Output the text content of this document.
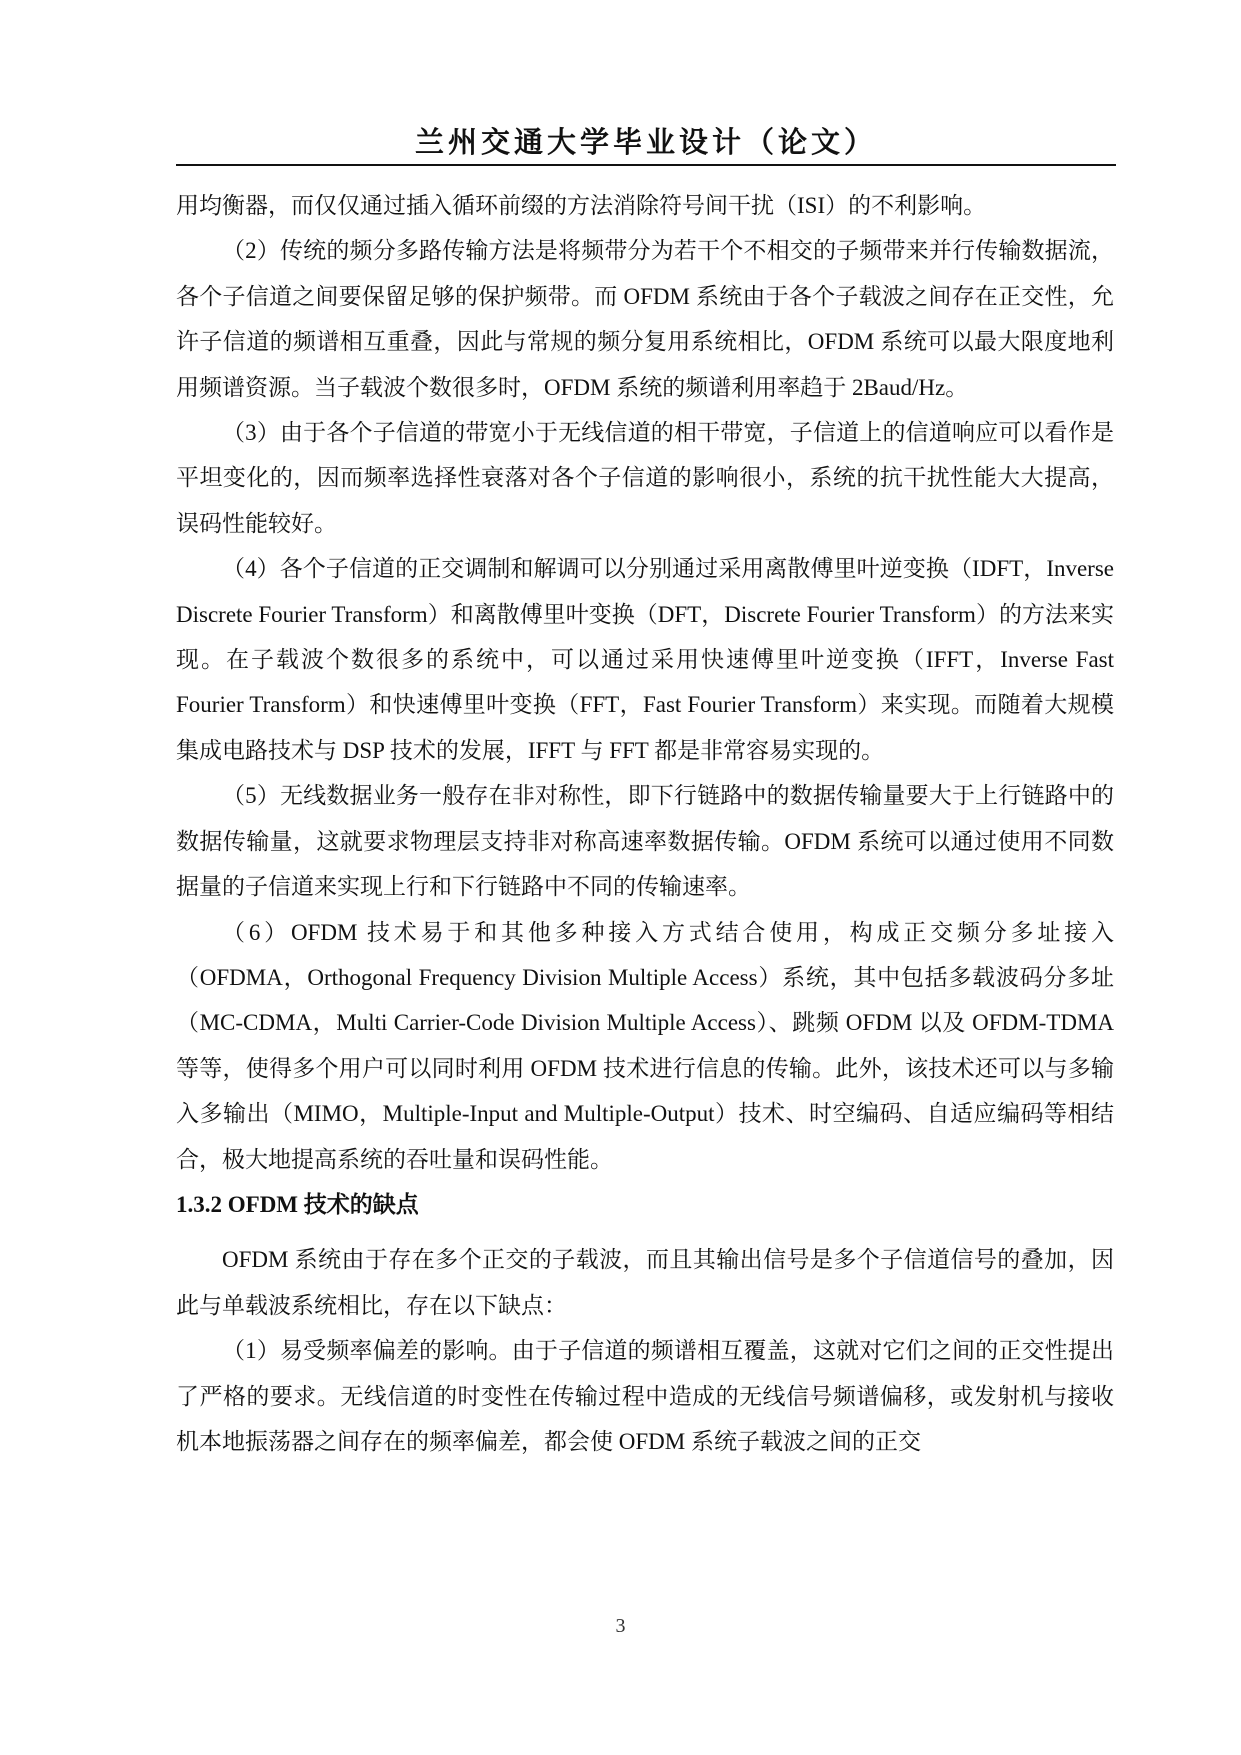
兰州交通大学毕业设计（论文）

用均衡器，而仅仅通过插入循环前缀的方法消除符号间干扰（ISI）的不利影响。

（2）传统的频分多路传输方法是将频带分为若干个不相交的子频带来并行传输数据流，各个子信道之间要保留足够的保护频带。而 OFDM 系统由于各个子载波之间存在正交性，允许子信道的频谱相互重叠，因此与常规的频分复用系统相比，OFDM 系统可以最大限度地利用频谱资源。当子载波个数很多时，OFDM 系统的频谱利用率趋于 2Baud/Hz。

（3）由于各个子信道的带宽小于无线信道的相干带宽，子信道上的信道响应可以看作是平坦变化的，因而频率选择性衰落对各个子信道的影响很小，系统的抗干扰性能大大提高，误码性能较好。

（4）各个子信道的正交调制和解调可以分别通过采用离散傅里叶逆变换（IDFT，Inverse Discrete Fourier Transform）和离散傅里叶变换（DFT，Discrete Fourier Transform）的方法来实现。在子载波个数很多的系统中，可以通过采用快速傅里叶逆变换（IFFT，Inverse Fast Fourier Transform）和快速傅里叶变换（FFT，Fast Fourier Transform）来实现。而随着大规模集成电路技术与 DSP 技术的发展，IFFT 与 FFT 都是非常容易实现的。

（5）无线数据业务一般存在非对称性，即下行链路中的数据传输量要大于上行链路中的数据传输量，这就要求物理层支持非对称高速率数据传输。OFDM 系统可以通过使用不同数据量的子信道来实现上行和下行链路中不同的传输速率。

（6）OFDM 技术易于和其他多种接入方式结合使用，构成正交频分多址接入（OFDMA，Orthogonal Frequency Division Multiple Access）系统，其中包括多载波码分多址（MC-CDMA，Multi Carrier-Code Division Multiple Access）、跳频 OFDM 以及 OFDM-TDMA 等等，使得多个用户可以同时利用 OFDM 技术进行信息的传输。此外，该技术还可以与多输入多输出（MIMO，Multiple-Input and Multiple-Output）技术、时空编码、自适应编码等相结合，极大地提高系统的吞吐量和误码性能。

1.3.2 OFDM 技术的缺点

OFDM 系统由于存在多个正交的子载波，而且其输出信号是多个子信道信号的叠加，因此与单载波系统相比，存在以下缺点：

（1）易受频率偏差的影响。由于子信道的频谱相互覆盖，这就对它们之间的正交性提出了严格的要求。无线信道的时变性在传输过程中造成的无线信号频谱偏移，或发射机与接收机本地振荡器之间存在的频率偏差，都会使 OFDM 系统子载波之间的正交

3
